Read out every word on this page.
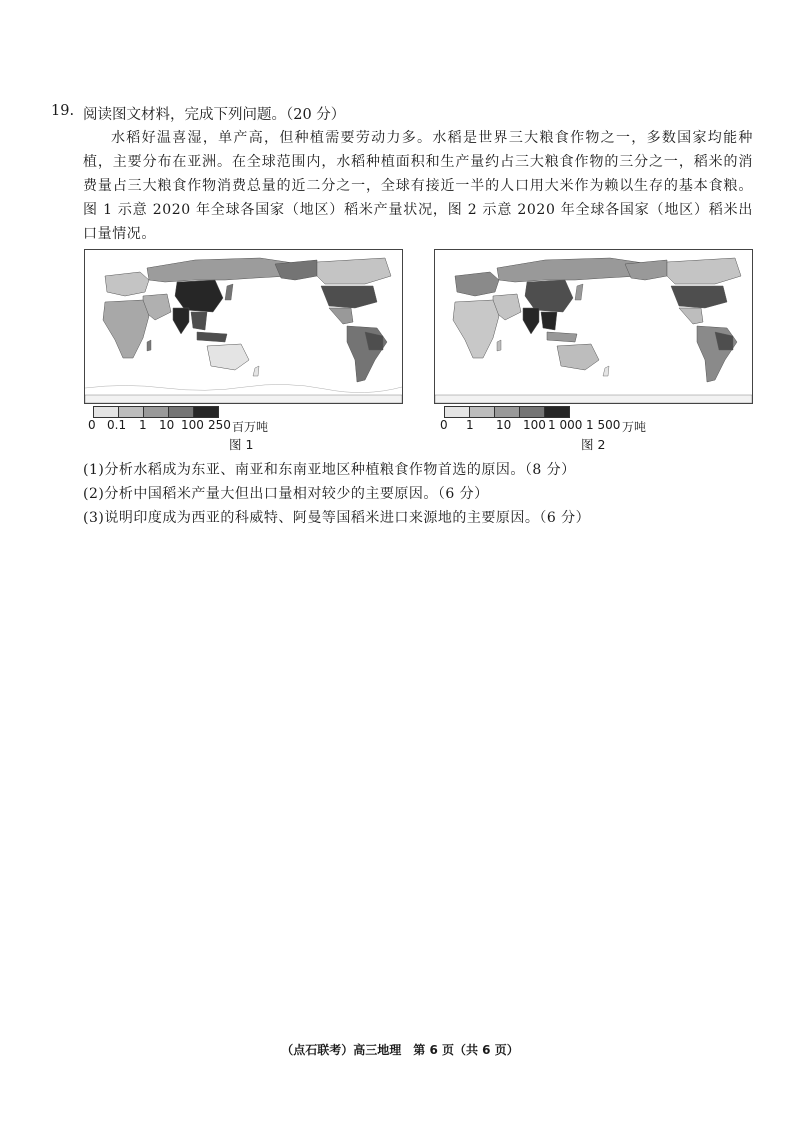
19. 阅读图文材料，完成下列问题。（20 分）
水稻好温喜湿，单产高，但种植需要劳动力多。水稻是世界三大粮食作物之一，多数国家均能种植，主要分布在亚洲。在全球范围内，水稻种植面积和生产量约占三大粮食作物的三分之一，稻米的消费量占三大粮食作物消费总量的近二分之一，全球有接近一半的人口用大米作为赖以生存的基本食粮。图 1 示意 2020 年全球各国家（地区）稻米产量状况，图 2 示意 2020 年全球各国家（地区）稻米出口量情况。
0 0.1 1 10 100 250 百万吨	0 1 10 100 1 000 1 500 万吨
图 1	图 2
(1)分析水稻成为东亚、南亚和东南亚地区种植粮食作物首选的原因。（8 分）
(2)分析中国稻米产量大但出口量相对较少的主要原因。（6 分）
(3)说明印度成为西亚的科威特、阿曼等国稻米进口来源地的主要原因。（6 分）
（点石联考）高三地理　第 6 页（共 6 页）
